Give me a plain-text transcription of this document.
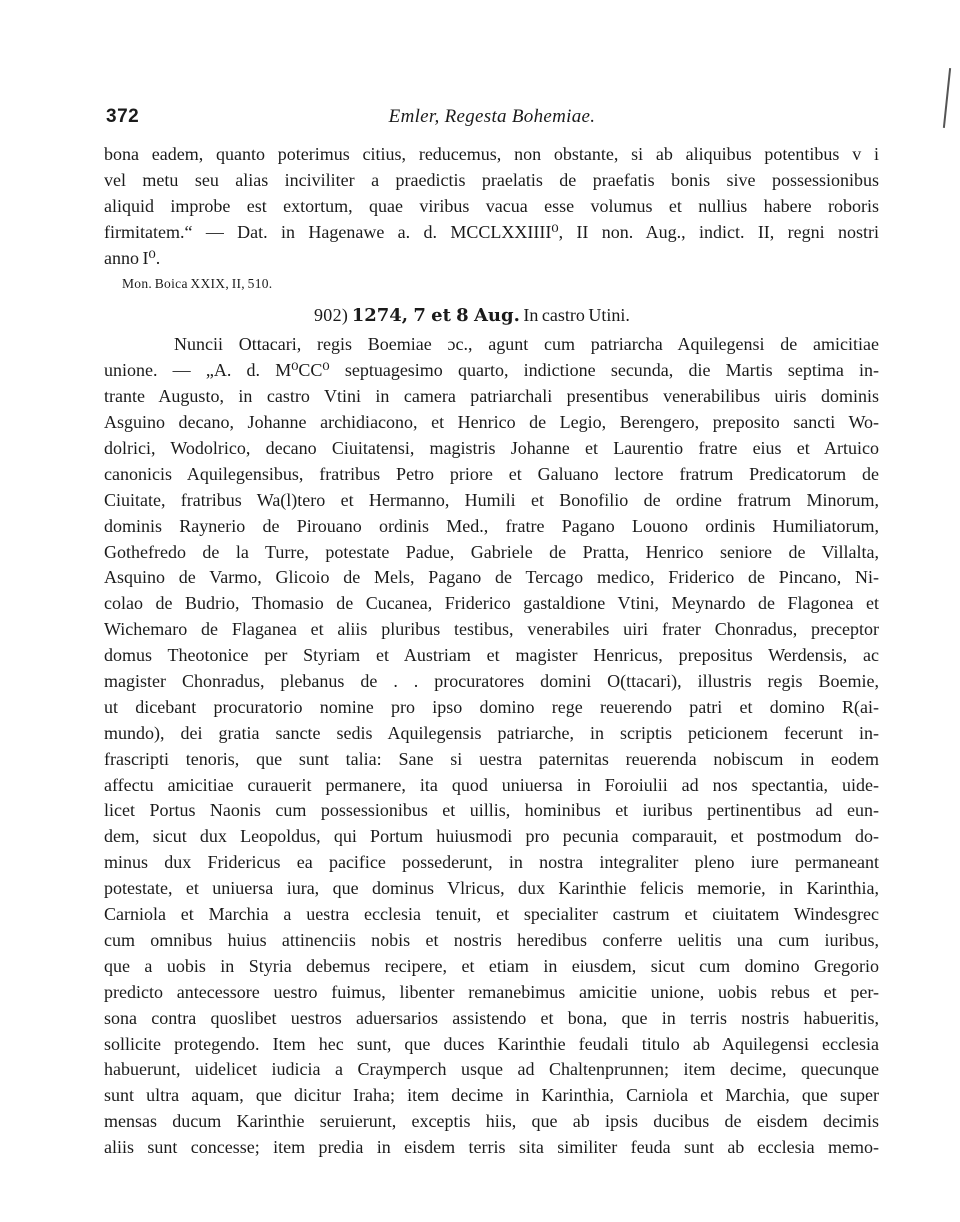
372	Emler, Regesta Bohemiae.
bona eadem, quanto poterimus citius, reducemus, non obstante, si ab aliquibus potentibus v i
vel metu seu alias inciviliter a praedictis praelatis de praefatis bonis sive possessionibus
aliquid improbe est extortum, quae viribus vacua esse volumus et nullius habere roboris
firmitatem.“ — Dat. in Hagenawe a. d. MCCLXXIIII⁰, II non. Aug., indict. II, regni nostri
anno I⁰.
Mon. Boica XXIX, II, 510.
902) 1274, 7 et 8 Aug. In castro Utini.
Nuncii Ottacari, regis Boemiae ɔc., agunt cum patriarcha Aquilegensi de amicitiae
unione. — „A. d. M⁰CC⁰ septuagesimo quarto, indictione secunda, die Martis septima in-
trante Augusto, in castro Vtini in camera patriarchali presentibus venerabilibus uiris dominis
Asguino decano, Johanne archidiacono, et Henrico de Legio, Berengero, preposito sancti Wo-
dolrici, Wodolrico, decano Ciuitatensi, magistris Johanne et Laurentio fratre eius et Artuico
canonicis Aquilegensibus, fratribus Petro priore et Galuano lectore fratrum Predicatorum de
Ciuitate, fratribus Wa(l)tero et Hermanno, Humili et Bonofilio de ordine fratrum Minorum,
dominis Raynerio de Pirouano ordinis Med., fratre Pagano Louono ordinis Humiliatorum,
Gothefredo de la Turre, potestate Padue, Gabriele de Pratta, Henrico seniore de Villalta,
Asquino de Varmo, Glicoio de Mels, Pagano de Tercago medico, Friderico de Pincano, Ni-
colao de Budrio, Thomasio de Cucanea, Friderico gastaldione Vtini, Meynardo de Flagonea et
Wichemaro de Flaganea et aliis pluribus testibus, venerabiles uiri frater Chonradus, preceptor
domus Theotonice per Styriam et Austriam et magister Henricus, prepositus Werdensis, ac
magister Chonradus, plebanus de . . procuratores domini O(ttacari), illustris regis Boemie,
ut dicebant procuratorio nomine pro ipso domino rege reuerendo patri et domino R(ai-
mundo), dei gratia sancte sedis Aquilegensis patriarche, in scriptis peticionem fecerunt in-
frascripti tenoris, que sunt talia: Sane si uestra paternitas reuerenda nobiscum in eodem
affectu amicitiae curauerit permanere, ita quod uniuersa in Foroiulii ad nos spectantia, uide-
licet Portus Naonis cum possessionibus et uillis, hominibus et iuribus pertinentibus ad eun-
dem, sicut dux Leopoldus, qui Portum huiusmodi pro pecunia comparauit, et postmodum do-
minus dux Fridericus ea pacifice possederunt, in nostra integraliter pleno iure permaneant
potestate, et uniuersa iura, que dominus Vlricus, dux Karinthie felicis memorie, in Karinthia,
Carniola et Marchia a uestra ecclesia tenuit, et specialiter castrum et ciuitatem Windesgrec
cum omnibus huius attinenciis nobis et nostris heredibus conferre uelitis una cum iuribus,
que a uobis in Styria debemus recipere, et etiam in eiusdem, sicut cum domino Gregorio
predicto antecessore uestro fuimus, libenter remanebimus amicitie unione, uobis rebus et per-
sona contra quoslibet uestros aduersarios assistendo et bona, que in terris nostris habueritis,
sollicite protegendo. Item hec sunt, que duces Karinthie feudali titulo ab Aquilegensi ecclesia
habuerunt, uidelicet iudicia a Craymperch usque ad Chaltenprunnen; item decime, quecunque
sunt ultra aquam, que dicitur Iraha; item decime in Karinthia, Carniola et Marchia, que super
mensas ducum Karinthie seruierunt, exceptis hiis, que ab ipsis ducibus de eisdem decimis
aliis sunt concesse; item predia in eisdem terris sita similiter feuda sunt ab ecclesia memo-
